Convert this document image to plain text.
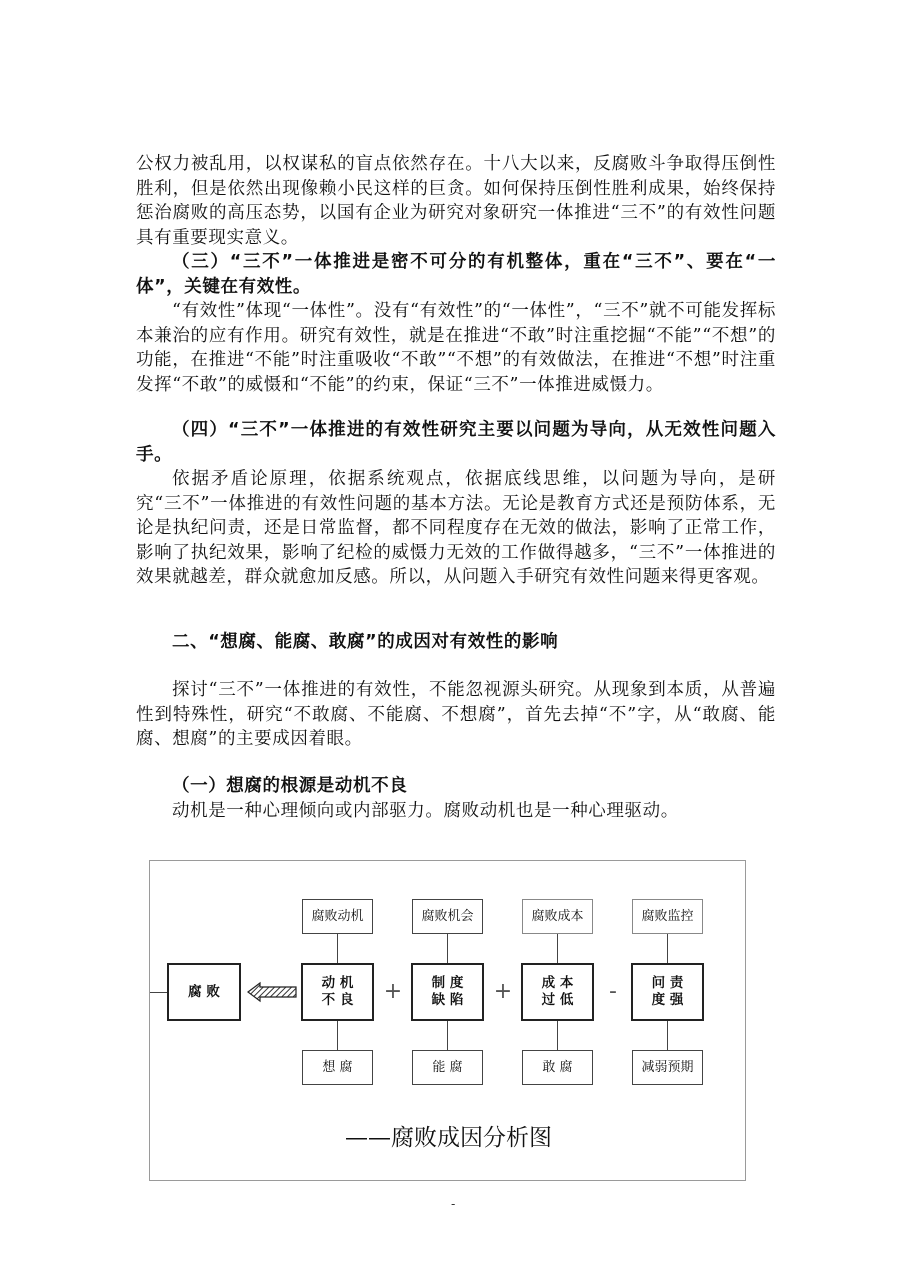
公权力被乱用，以权谋私的盲点依然存在。十八大以来，反腐败斗争取得压倒性胜利，但是依然出现像赖小民这样的巨贪。如何保持压倒性胜利成果，始终保持惩治腐败的高压态势，以国有企业为研究对象研究一体推进“三不”的有效性问题具有重要现实意义。

（三）“三不”一体推进是密不可分的有机整体，重在“三不”、要在“一体”，关键在有效性。

“有效性”体现“一体性”。没有“有效性”的“一体性”，“三不”就不可能发挥标本兼治的应有作用。研究有效性，就是在推进“不敢”时注重挖掘“不能”“不想”的功能，在推进“不能”时注重吸收“不敢”“不想”的有效做法，在推进“不想”时注重发挥“不敢”的威慑和“不能”的约束，保证“三不”一体推进威慑力。

（四）“三不”一体推进的有效性研究主要以问题为导向，从无效性问题入手。

依据矛盾论原理，依据系统观点，依据底线思维，以问题为导向，是研究“三不”一体推进的有效性问题的基本方法。无论是教育方式还是预防体系，无论是执纪问责，还是日常监督，都不同程度存在无效的做法，影响了正常工作，影响了执纪效果，影响了纪检的威慑力无效的工作做得越多，“三不”一体推进的效果就越差，群众就愈加反感。所以，从问题入手研究有效性问题来得更客观。

二、“想腐、能腐、敢腐”的成因对有效性的影响

探讨“三不”一体推进的有效性，不能忽视源头研究。从现象到本质，从普遍性到特殊性，研究“不敢腐、不能腐、不想腐”，首先去掉“不”字，从“敢腐、能腐、想腐”的主要成因着眼。

（一）想腐的根源是动机不良

动机是一种心理倾向或内部驱力。腐败动机也是一种心理驱动。

腐败动机	腐败机会	腐败成本	腐败监控
腐 败
动 机
不 良
制 度
缺 陷
成 本
过 低
问 责
度 强
+	+	-
想 腐	能 腐	敢 腐	减弱预期
——腐败成因分析图
-
